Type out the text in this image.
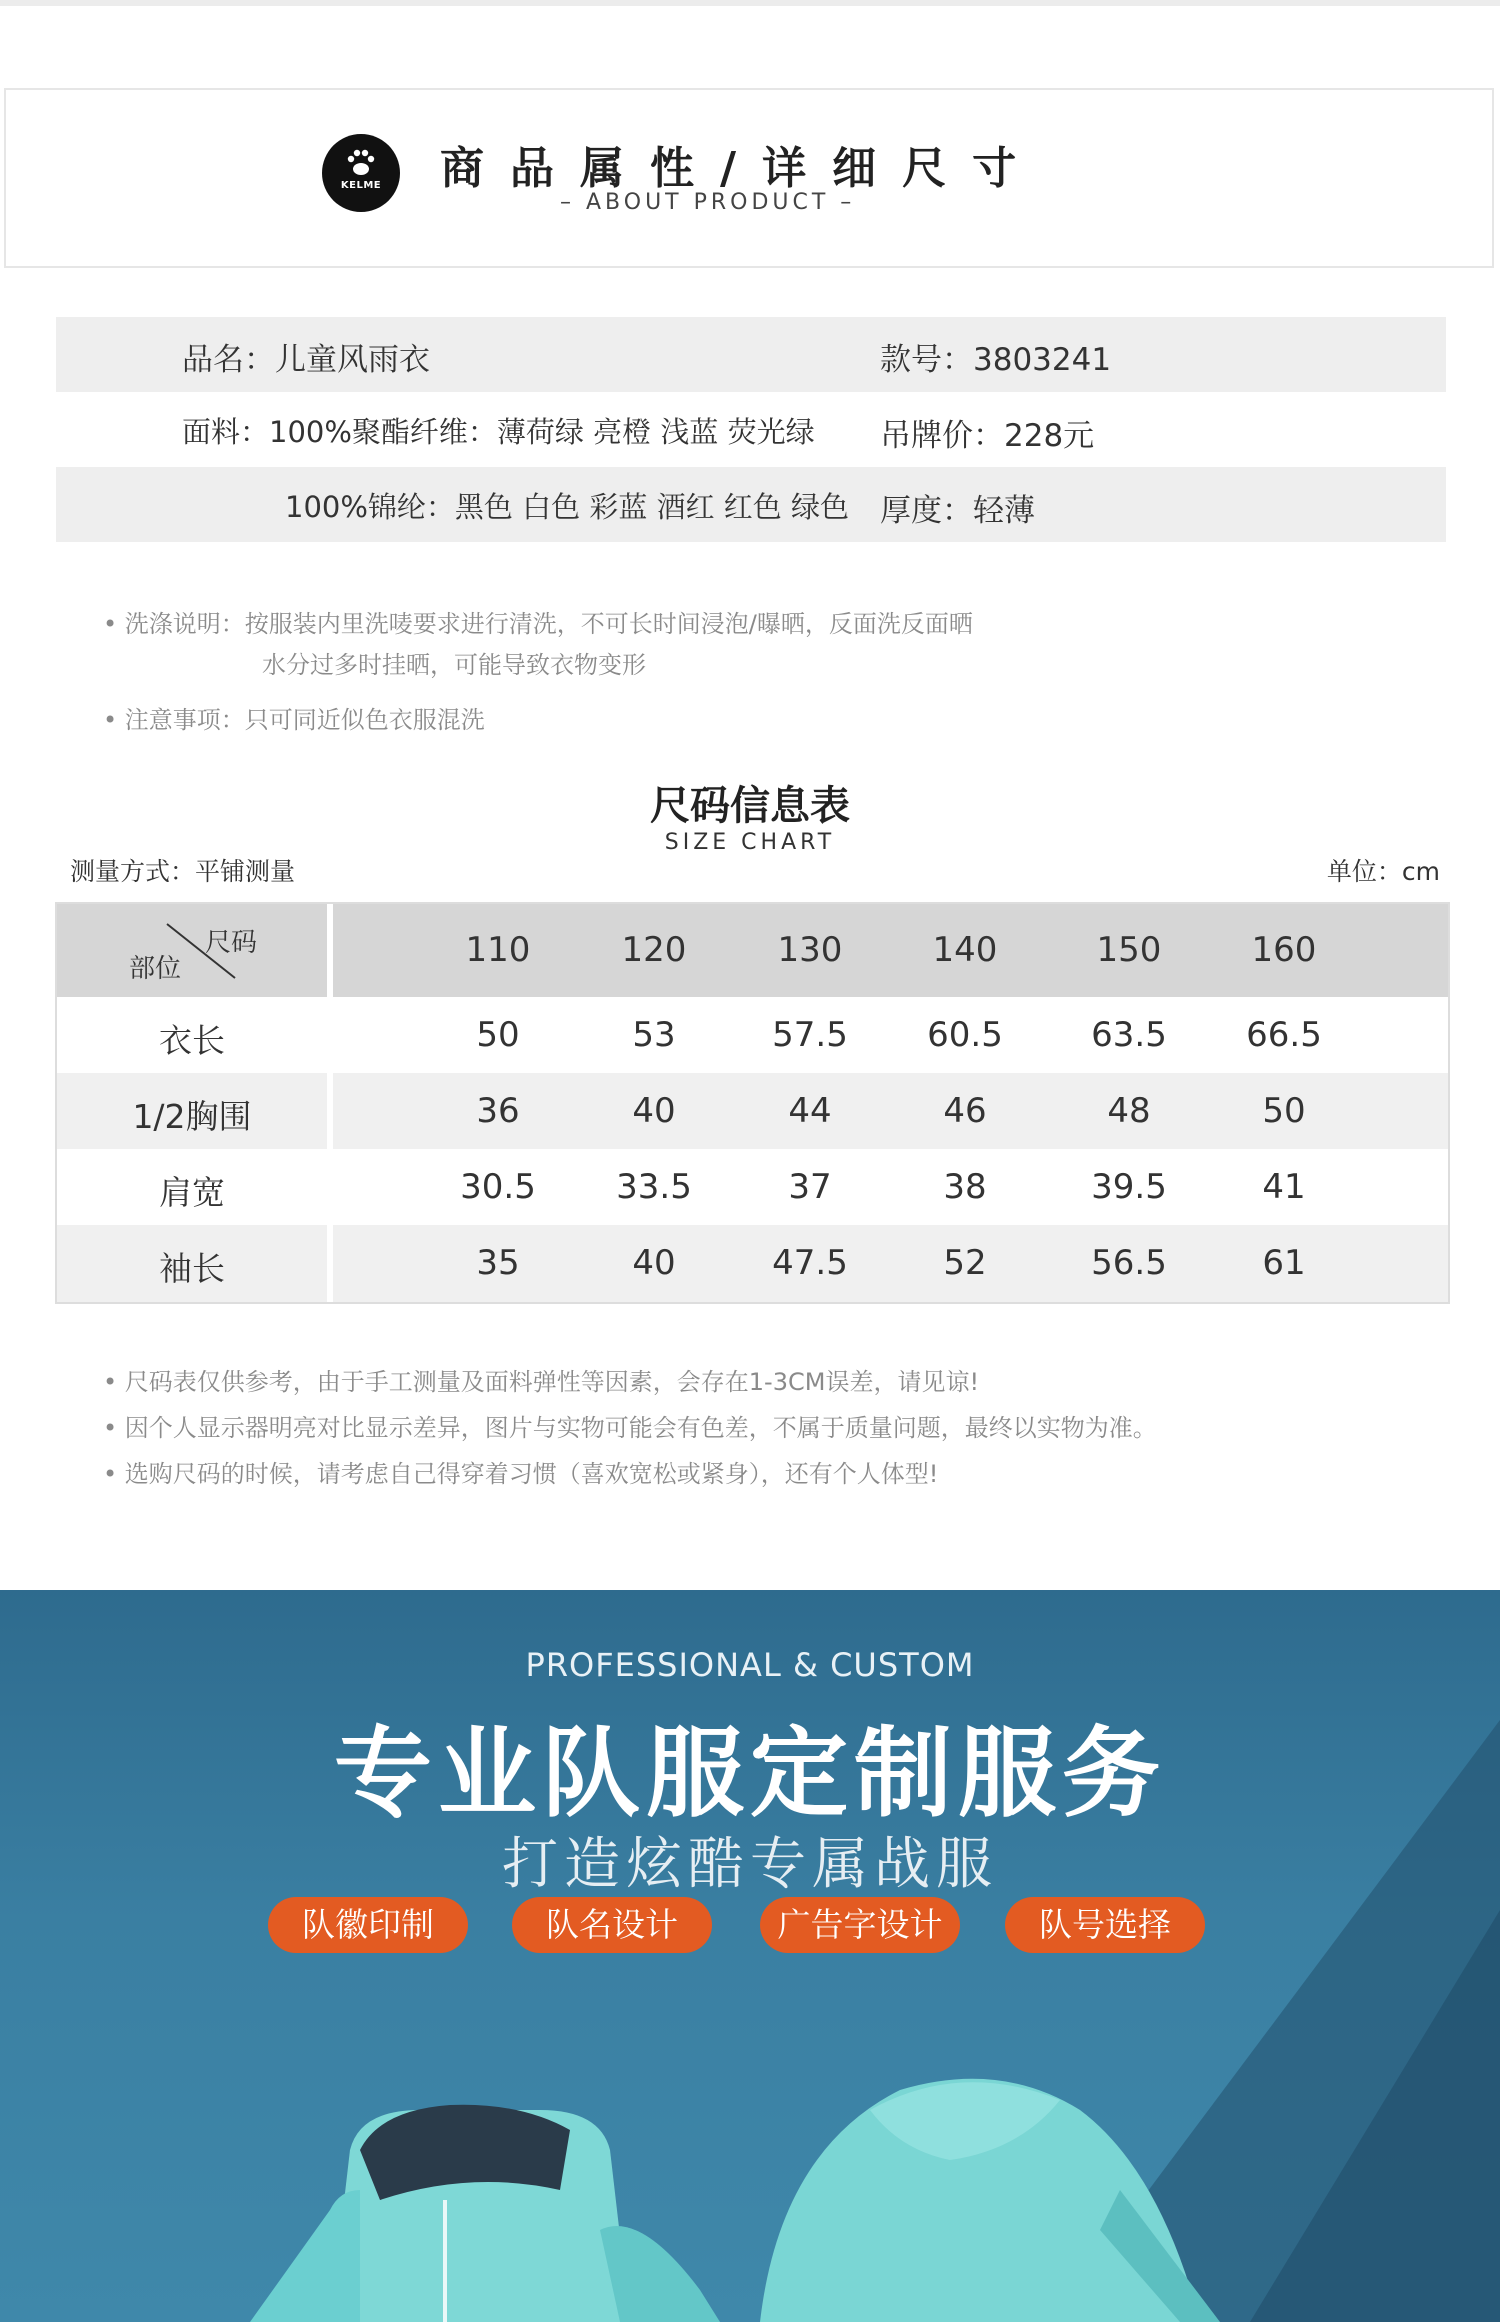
KELME	商品属性/详细尺寸
– ABOUT PRODUCT –
品名：儿童风雨衣	款号：3803241
面料：100%聚酯纤维：薄荷绿 亮橙 浅蓝 荧光绿 吊牌价：228元
100%锦纶：黑色 白色 彩蓝 酒红 红色 绿色 厚度：轻薄
• 洗涤说明：按服装内里洗唛要求进行清洗，不可长时间浸泡/曝晒，反面洗反面晒
水分过多时挂晒，可能导致衣物变形
• 注意事项：只可同近似色衣服混洗
尺码信息表
SIZE CHART
测量方式：平铺测量	单位：cm
尺码
部位	110	120	130	140	150	160
衣长	50	53	57.5	60.5	63.5	66.5
1/2胸围	36	40	44	46	48	50
肩宽	30.5	33.5	37	38	39.5	41
袖长	35	40	47.5	52	56.5	61
• 尺码表仅供参考，由于手工测量及面料弹性等因素，会存在1-3CM误差，请见谅!
• 因个人显示器明亮对比显示差异，图片与实物可能会有色差，不属于质量问题，最终以实物为准。
• 选购尺码的时候，请考虑自己得穿着习惯（喜欢宽松或紧身），还有个人体型!
PROFESSIONAL & CUSTOM
专业队服定制服务
打造炫酷专属战服
队徽印制	队名设计	广告字设计	队号选择
